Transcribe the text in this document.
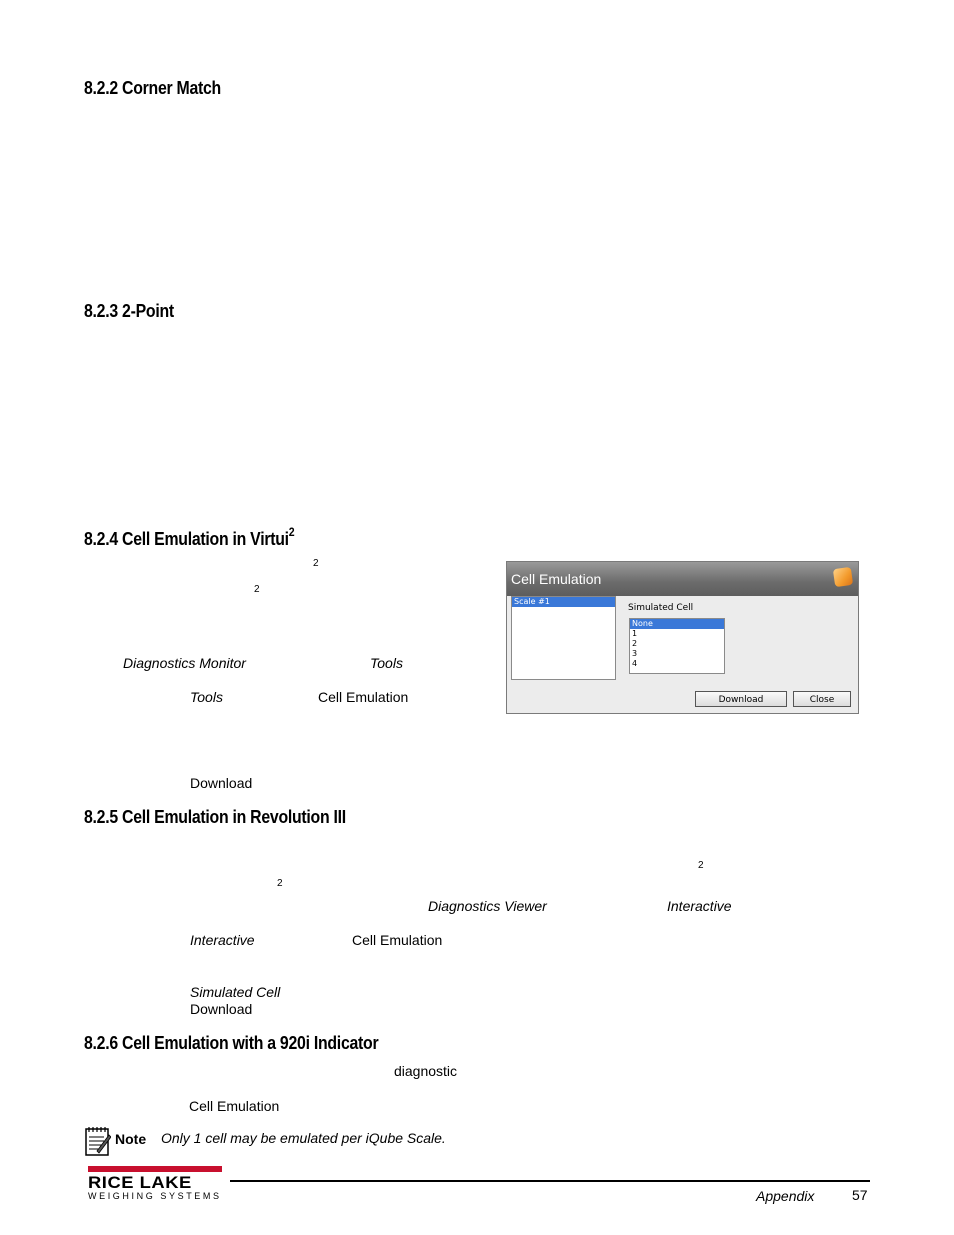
8.2.2 Corner Match
8.2.3 2-Point
8.2.4 Cell Emulation in Virtui$^2$
8.2.5 Cell Emulation in Revolution III
8.2.6 Cell Emulation with a 920i Indicator
2
2
Diagnostics Monitor	Tools
Tools	Cell Emulation
Download
Cell Emulation
Scale #1
Simulated Cell
None
1
2
3
4
Download	Close
2
2
Diagnostics Viewer	Interactive
Interactive	Cell Emulation
Simulated Cell
Download
diagnostic
Cell Emulation
Note Only 1 cell may be emulated per iQube Scale.
RICE LAKE
WEIGHING SYSTEMS	Appendix	57
